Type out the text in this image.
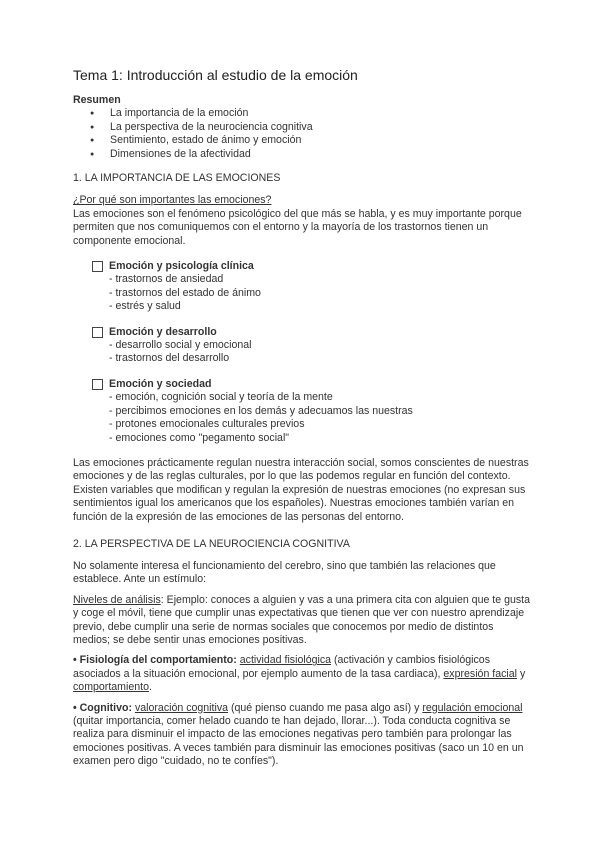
Tema 1: Introducción al estudio de la emoción

Resumen

● La importancia de la emoción
● La perspectiva de la neurociencia cognitiva
● Sentimiento, estado de ánimo y emoción
● Dimensiones de la afectividad
1. LA IMPORTANCIA DE LAS EMOCIONES

¿Por qué son importantes las emociones?

Las emociones son el fenómeno psicológico del que más se habla, y es muy importante porque permiten que nos comuniquemos con el entorno y la mayoría de los trastornos tienen un componente emocional.

Emoción y psicología clínica
- trastornos de ansiedad
- trastornos del estado de ánimo
- estrés y salud
Emoción y desarrollo
- desarrollo social y emocional
- trastornos del desarrollo
Emoción y sociedad
- emoción, cognición social y teoría de la mente
- percibimos emociones en los demás y adecuamos las nuestras
- protones emocionales culturales previos
- emociones como "pegamento social"

Las emociones prácticamente regulan nuestra interacción social, somos conscientes de nuestras emociones y de las reglas culturales, por lo que las podemos regular en función del contexto. Existen variables que modifican y regulan la expresión de nuestras emociones (no expresan sus sentimientos igual los americanos que los españoles). Nuestras emociones también varían en función de la expresión de las emociones de las personas del entorno.

2. LA PERSPECTIVA DE LA NEUROCIENCIA COGNITIVA

No solamente interesa el funcionamiento del cerebro, sino que también las relaciones que establece. Ante un estímulo:

Niveles de análisis: Ejemplo: conoces a alguien y vas a una primera cita con alguien que te gusta y coge el móvil, tiene que cumplir unas expectativas que tienen que ver con nuestro aprendizaje previo, debe cumplir una serie de normas sociales que conocemos por medio de distintos medios; se debe sentir unas emociones positivas.

• Fisiología del comportamiento: actividad fisiológica (activación y cambios fisiológicos asociados a la situación emocional, por ejemplo aumento de la tasa cardiaca), expresión facial y comportamiento.

• Cognitivo: valoración cognitiva (qué pienso cuando me pasa algo así) y regulación emocional (quitar importancia, comer helado cuando te han dejado, llorar...). Toda conducta cognitiva se realiza para disminuir el impacto de las emociones negativas pero también para prolongar las emociones positivas. A veces también para disminuir las emociones positivas (saco un 10 en un examen pero digo "cuidado, no te confíes").
